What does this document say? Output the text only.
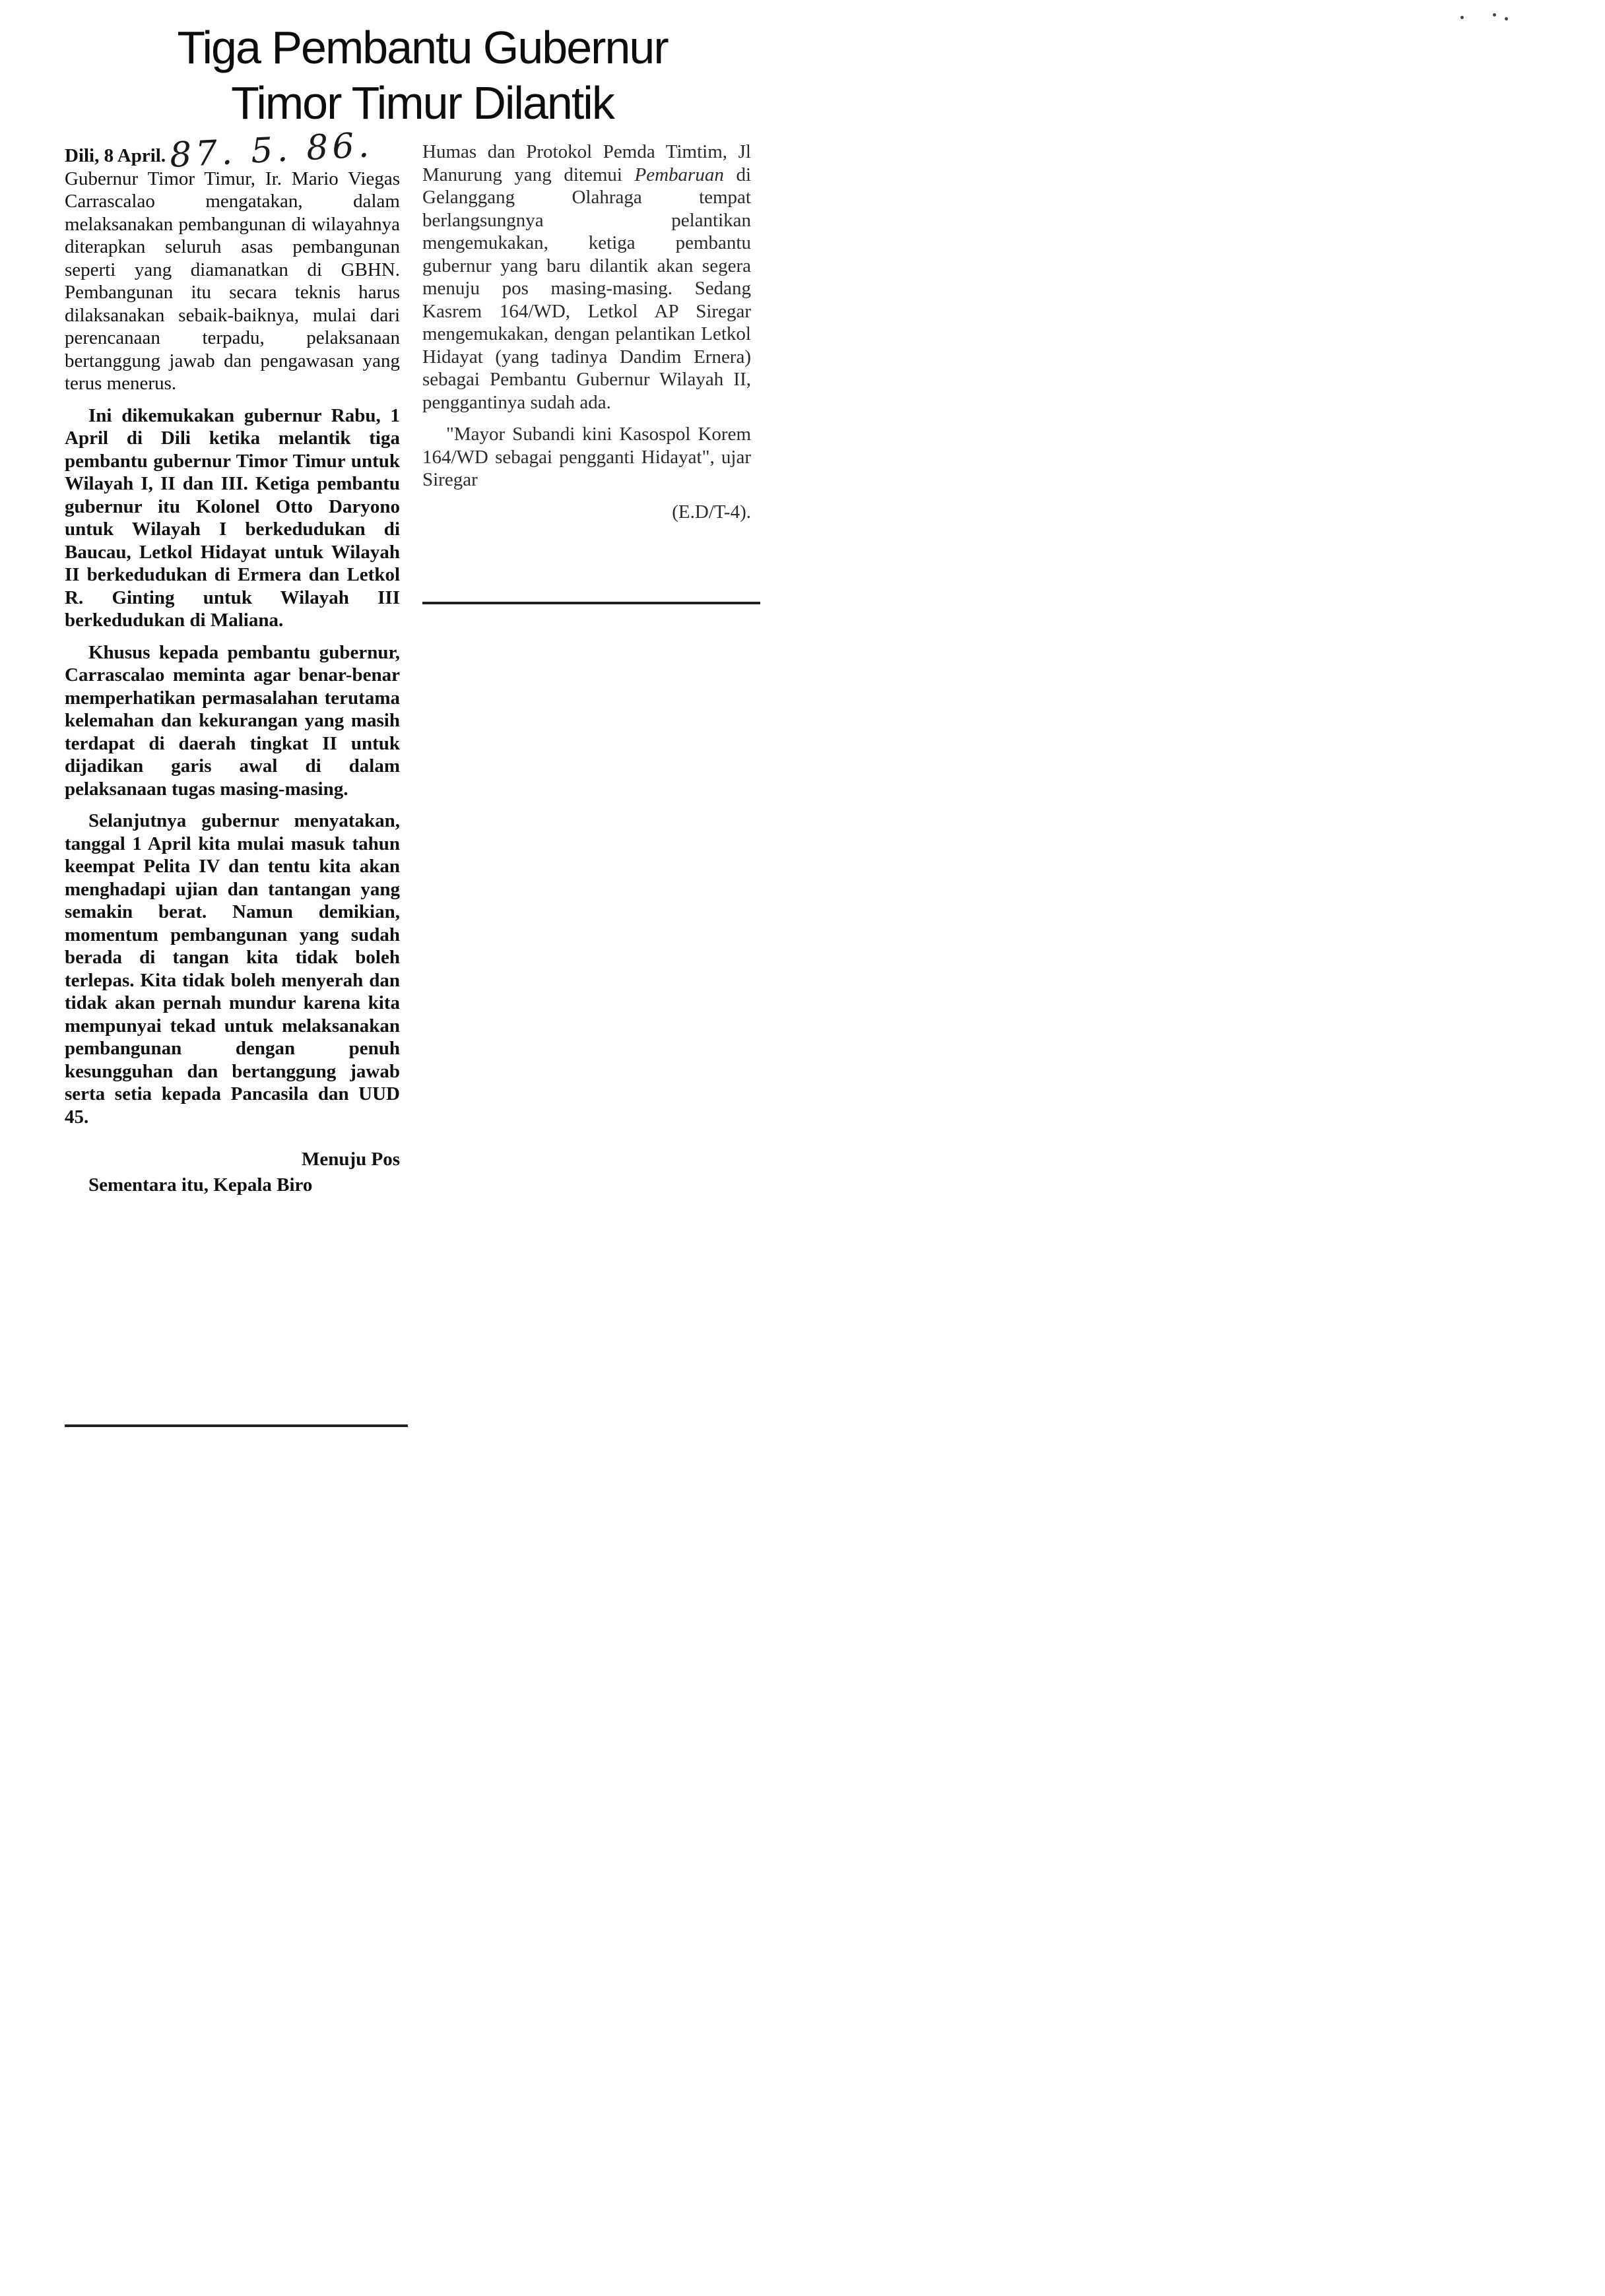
Tiga Pembantu Gubernur
Timor Timur Dilantik

Dili, 8 April.87. 5. 86.
Gubernur Timor Timur, Ir. Mario Viegas Carrascalao mengatakan, dalam melaksanakan pembangunan di wilayahnya diterapkan seluruh asas pembangunan seperti yang diamanatkan di GBHN. Pembangunan itu secara teknis harus dilaksanakan sebaik-baiknya, mulai dari perencanaan terpadu, pelaksanaan bertanggung jawab dan pengawasan yang terus menerus.

Ini dikemukakan gubernur Rabu, 1 April di Dili ketika melantik tiga pembantu gubernur Timor Timur untuk Wilayah I, II dan III. Ketiga pembantu gubernur itu Kolonel Otto Daryono untuk Wilayah I berkedudukan di Baucau, Letkol Hidayat untuk Wilayah II berkedudukan di Ermera dan Letkol R. Ginting untuk Wilayah III berkedudukan di Maliana.

Khusus kepada pembantu gubernur, Carrascalao meminta agar benar-benar memperhatikan permasalahan terutama kelemahan dan kekurangan yang masih terdapat di daerah tingkat II untuk dijadikan garis awal di dalam pelaksanaan tugas masing-masing.

Selanjutnya gubernur menyatakan, tanggal 1 April kita mulai masuk tahun keempat Pelita IV dan tentu kita akan menghadapi ujian dan tantangan yang semakin berat. Namun demikian, momentum pembangunan yang sudah berada di tangan kita tidak boleh terlepas. Kita tidak boleh menyerah dan tidak akan pernah mundur karena kita mempunyai tekad untuk melaksanakan pembangunan dengan penuh kesungguhan dan bertanggung jawab serta setia kepada Pancasila dan UUD 45.

Menuju Pos

Sementara itu, Kepala Biro

Humas dan Protokol Pemda Timtim, Jl Manurung yang ditemui Pembaruan di Gelanggang Olahraga tempat berlangsungnya pelantikan mengemukakan, ketiga pembantu gubernur yang baru dilantik akan segera menuju pos masing-masing. Sedang Kasrem 164/WD, Letkol AP Siregar mengemukakan, dengan pelantikan Letkol Hidayat (yang tadinya Dandim Ernera) sebagai Pembantu Gubernur Wilayah II, penggantinya sudah ada.

"Mayor Subandi kini Kasospol Korem 164/WD sebagai pengganti Hidayat", ujar Siregar

(E.D/T-4).
